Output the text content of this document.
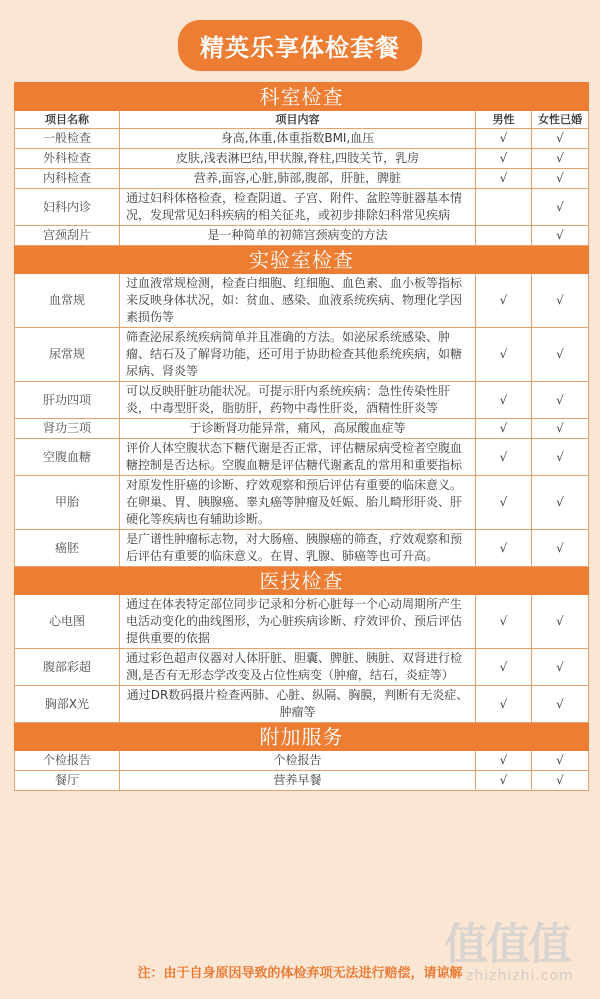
精英乐享体检套餐
科室检查			
项目名称	项目内容	男性	女性已婚
一般检查	身高,体重,体重指数BMI,血压	√	√
外科检查	皮肤,浅表淋巴结,甲状腺,脊柱,四肢关节，乳房	√	√
内科检查	营养,面容,心脏,肺部,腹部，肝脏，脾脏	√	√
妇科内诊	通过妇科体格检查，检查阴道、子宫、附件、盆腔等脏器基本情况，发现常见妇科疾病的相关征兆，或初步排除妇科常见疾病		√
宫颈刮片	是一种简单的初筛宫颈病变的方法		√
实验室检查			
血常规	过血液常规检测，检查白细胞、红细胞、血色素、血小板等指标来反映身体状况，如：贫血、感染、血液系统疾病、物理化学因素损伤等	√	√
尿常规	筛查泌尿系统疾病简单并且准确的方法。如泌尿系统感染、肿瘤、结石及了解肾功能，还可用于协助检查其他系统疾病，如糖尿病、肾炎等	√	√
肝功四项	可以反映肝脏功能状况。可提示肝内系统疾病：急性传染性肝炎，中毒型肝炎，脂肪肝，药物中毒性肝炎，酒精性肝炎等	√	√
肾功三项	于诊断肾功能异常，痛风，高尿酸血症等	√	√
空腹血糖	评价人体空腹状态下糖代谢是否正常，评估糖尿病受检者空腹血糖控制是否达标。空腹血糖是评估糖代谢紊乱的常用和重要指标	√	√
甲胎	对原发性肝癌的诊断、疗效观察和预后评估有重要的临床意义。在卵巢、胃、胰腺癌、睾丸癌等肿瘤及妊娠、胎儿畸形肝炎、肝硬化等疾病也有辅助诊断。	√	√
癌胚	是广谱性肿瘤标志物，对大肠癌、胰腺癌的筛查，疗效观察和预后评估有重要的临床意义。在胃、乳腺、肺癌等也可升高。	√	√
医技检查			
心电图	通过在体表特定部位同步记录和分析心脏每一个心动周期所产生电活动变化的曲线图形，为心脏疾病诊断、疗效评价、预后评估提供重要的依据	√	√
腹部彩超	通过彩色超声仪器对人体肝脏、胆囊、脾脏、胰脏、双肾进行检测,是否有无形态学改变及占位性病变（肿瘤，结石，炎症等）	√	√
胸部X光	通过DR数码摄片检查两肺、心脏、纵隔、胸膜，判断有无炎症、肿瘤等	√	√
附加服务			
个检报告	个检报告	√	√
餐厅	营养早餐	√	√
值值值
zhizhizhi.com
注：由于自身原因导致的体检弃项无法进行赔偿，请谅解
